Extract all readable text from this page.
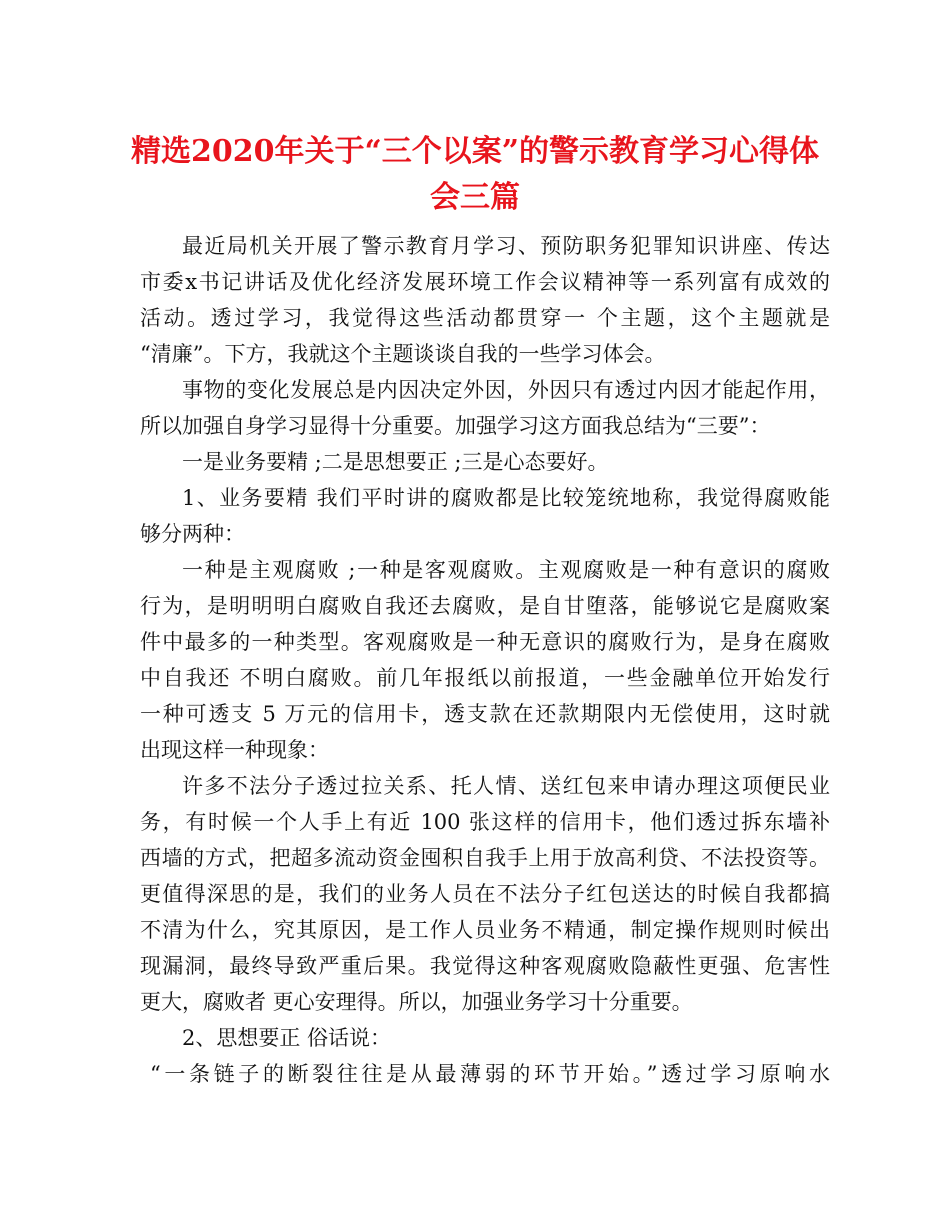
精选2020年关于“三个以案”的警示教育学习心得体
会三篇
最近局机关开展了警示教育月学习、预防职务犯罪知识讲座、传达
市委x书记讲话及优化经济发展环境工作会议精神等一系列富有成效的
活动。透过学习，我觉得这些活动都贯穿一 个主题，这个主题就是
“清廉”。下方，我就这个主题谈谈自我的一些学习体会。
事物的变化发展总是内因决定外因，外因只有透过内因才能起作用，
所以加强自身学习显得十分重要。加强学习这方面我总结为“三要”：
一是业务要精 ;二是思想要正 ;三是心态要好。
1、业务要精 我们平时讲的腐败都是比较笼统地称，我觉得腐败能
够分两种：
一种是主观腐败 ;一种是客观腐败。主观腐败是一种有意识的腐败
行为，是明明明白腐败自我还去腐败，是自甘堕落，能够说它是腐败案
件中最多的一种类型。客观腐败是一种无意识的腐败行为，是身在腐败
中自我还 不明白腐败。前几年报纸以前报道，一些金融单位开始发行
一种可透支 5 万元的信用卡，透支款在还款期限内无偿使用，这时就
出现这样一种现象：
许多不法分子透过拉关系、托人情、送红包来申请办理这项便民业
务，有时候一个人手上有近 100 张这样的信用卡，他们透过拆东墙补
西墙的方式，把超多流动资金囤积自我手上用于放高利贷、不法投资等。
更值得深思的是，我们的业务人员在不法分子红包送达的时候自我都搞
不清为什么，究其原因，是工作人员业务不精通，制定操作规则时候出
现漏洞，最终导致严重后果。我觉得这种客观腐败隐蔽性更强、危害性
更大，腐败者 更心安理得。所以，加强业务学习十分重要。
2、思想要正 俗话说：
“一条链子的断裂往往是从最薄弱的环节开始。”透过学习原响水
